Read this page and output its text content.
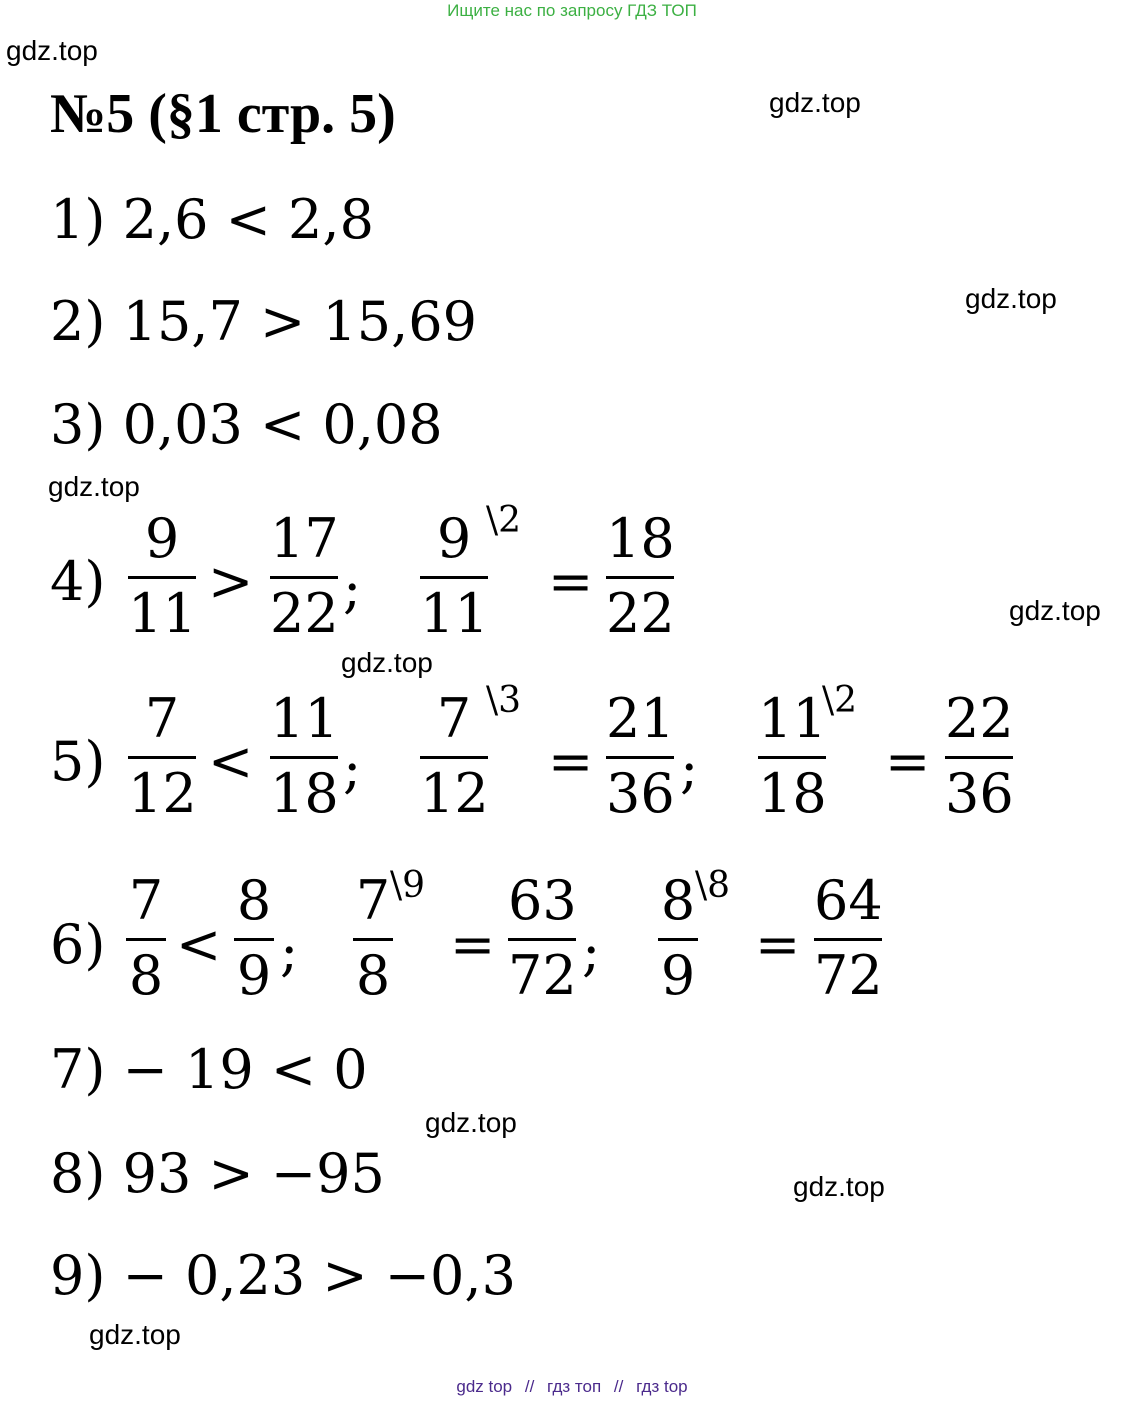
Ищите нас по запросу ГДЗ ТОП
gdz.top
gdz.top
gdz.top
gdz.top
gdz.top
gdz.top
gdz.top
gdz.top
gdz.top
№5 (§1 стр. 5)
1) 2,6 < 2,8
2) 15,7 > 15,69
3) 0,03 < 0,08
4)
9
11
>
17
22 ;
9
11
\2
=
18
22
5)
7
12
<
11
18 ;
7
12
\3
=
21
36 ;
11
18
\2
=
22
36
6)
7
8 <
8
9 ;
7
8
\9
=
63
72 ;
8
9
\8
=
64
72
7) − 19 < 0
8) 93 > −95
9) − 0,23 > −0,3
gdz top // гдз топ // гдз top
